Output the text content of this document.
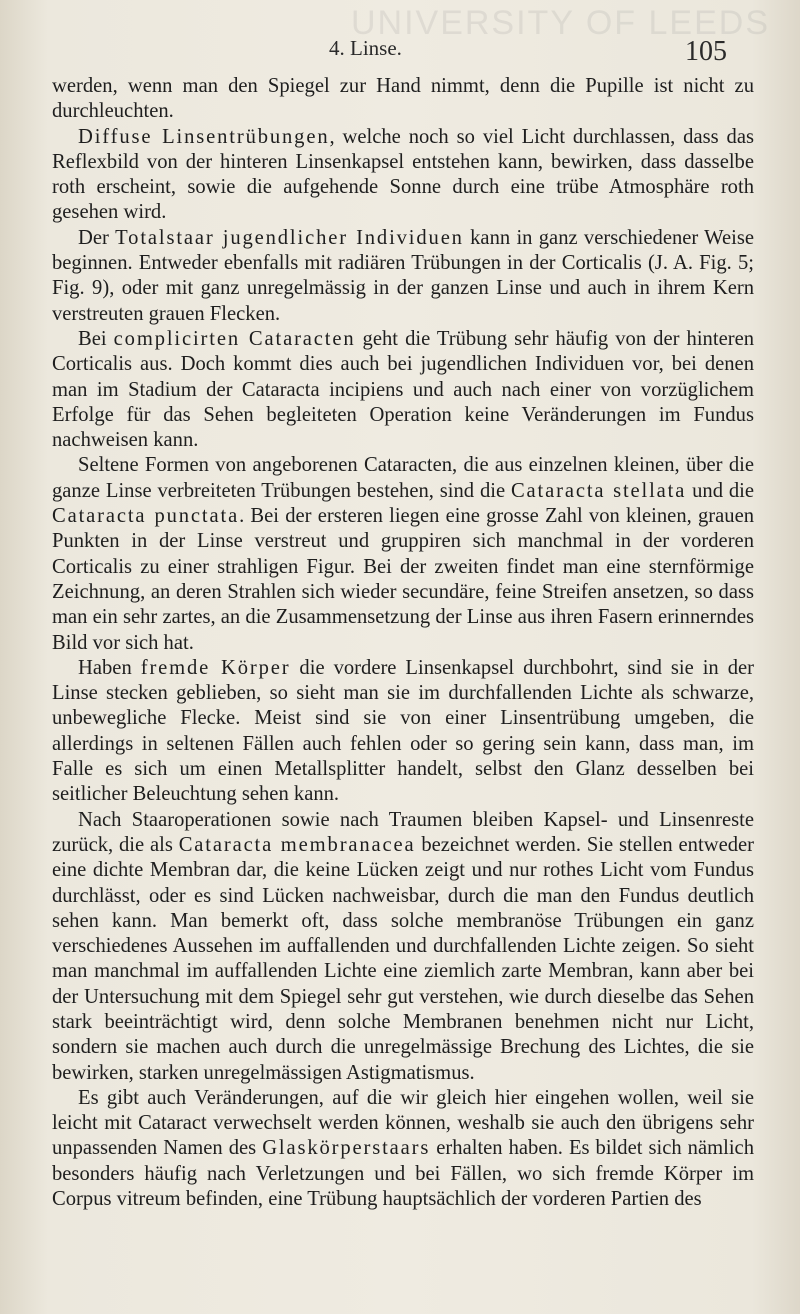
UNIVERSITY OF LEEDS
4. Linse.	105

werden, wenn man den Spiegel zur Hand nimmt, denn die Pupille ist nicht zu durchleuchten.

Diffuse Linsentrübungen, welche noch so viel Licht durchlassen, dass das Reflexbild von der hinteren Linsenkapsel entstehen kann, bewirken, dass dasselbe roth erscheint, sowie die aufgehende Sonne durch eine trübe Atmosphäre roth gesehen wird.

Der Totalstaar jugendlicher Individuen kann in ganz verschiedener Weise beginnen. Entweder ebenfalls mit radiären Trübungen in der Corticalis (J. A. Fig. 5; Fig. 9), oder mit ganz unregelmässig in der ganzen Linse und auch in ihrem Kern verstreuten grauen Flecken.

Bei complicirten Cataracten geht die Trübung sehr häufig von der hinteren Corticalis aus. Doch kommt dies auch bei jugendlichen Individuen vor, bei denen man im Stadium der Cataracta incipiens und auch nach einer von vorzüglichem Erfolge für das Sehen begleiteten Operation keine Veränderungen im Fundus nachweisen kann.

Seltene Formen von angeborenen Cataracten, die aus einzelnen kleinen, über die ganze Linse verbreiteten Trübungen bestehen, sind die Cataracta stellata und die Cataracta punctata. Bei der ersteren liegen eine grosse Zahl von kleinen, grauen Punkten in der Linse verstreut und gruppiren sich manchmal in der vorderen Corticalis zu einer strahligen Figur. Bei der zweiten findet man eine sternförmige Zeichnung, an deren Strahlen sich wieder secundäre, feine Streifen ansetzen, so dass man ein sehr zartes, an die Zusammensetzung der Linse aus ihren Fasern erinnerndes Bild vor sich hat.

Haben fremde Körper die vordere Linsenkapsel durchbohrt, sind sie in der Linse stecken geblieben, so sieht man sie im durchfallenden Lichte als schwarze, unbewegliche Flecke. Meist sind sie von einer Linsentrübung umgeben, die allerdings in seltenen Fällen auch fehlen oder so gering sein kann, dass man, im Falle es sich um einen Metallsplitter handelt, selbst den Glanz desselben bei seitlicher Beleuchtung sehen kann.

Nach Staaroperationen sowie nach Traumen bleiben Kapsel- und Linsenreste zurück, die als Cataracta membranacea bezeichnet werden. Sie stellen entweder eine dichte Membran dar, die keine Lücken zeigt und nur rothes Licht vom Fundus durchlässt, oder es sind Lücken nachweisbar, durch die man den Fundus deutlich sehen kann. Man bemerkt oft, dass solche membranöse Trübungen ein ganz verschiedenes Aussehen im auffallenden und durchfallenden Lichte zeigen. So sieht man manchmal im auffallenden Lichte eine ziemlich zarte Membran, kann aber bei der Untersuchung mit dem Spiegel sehr gut verstehen, wie durch dieselbe das Sehen stark beeinträchtigt wird, denn solche Membranen benehmen nicht nur Licht, sondern sie machen auch durch die unregelmässige Brechung des Lichtes, die sie bewirken, starken unregelmässigen Astigmatismus.

Es gibt auch Veränderungen, auf die wir gleich hier eingehen wollen, weil sie leicht mit Cataract verwechselt werden können, weshalb sie auch den übrigens sehr unpassenden Namen des Glaskörperstaars erhalten haben. Es bildet sich nämlich besonders häufig nach Verletzungen und bei Fällen, wo sich fremde Körper im Corpus vitreum befinden, eine Trübung hauptsächlich der vorderen Partien des
